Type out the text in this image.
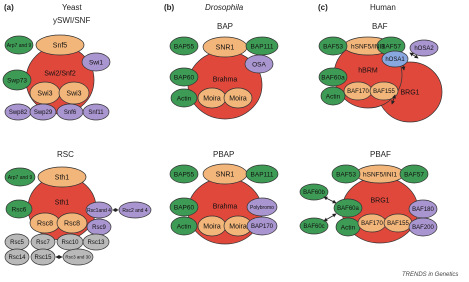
Swi2/Snf2
Snf5
Arp7 and 9
Swp73
Swi1
Swi3 Swi3
Swp82 Swp29 Snf6 Snf11
Brahma
SNR1
BAP55	BAP111
OSA
BAP60
Actin Moira Moira
BRG1
hBRM
hSNF5/INI1
BAF53	BAF57 hOSA2
hOSA1
BAF60a
Actin
BAF170 BAF155
Sth1
Sth1
Arp7 and 9
Rsc6
Rsc8 Rsc8
Rsc1and 4 Rsc2 and 4
Rsc9
Rsc5 Rsc7 Rsc10 Rsc13
Rsc14 Rsc15	Rsc3 and 30
Brahma
SNR1
BAP55	BAP111
BAP60	Polybromo
Actin Moira Moira BAP170
BRG1
hSNF5/INI1
BAF53	BAF57
BAF60b
BAF60a
BAF60c Actin
BAF170 BAF155
BAF180
BAF200
(a)	Yeast
ySWI/SNF
RSC
(b)	Drosophila
BAP
PBAP
(c)	Human
BAF
PBAF
TRENDS in Genetics
